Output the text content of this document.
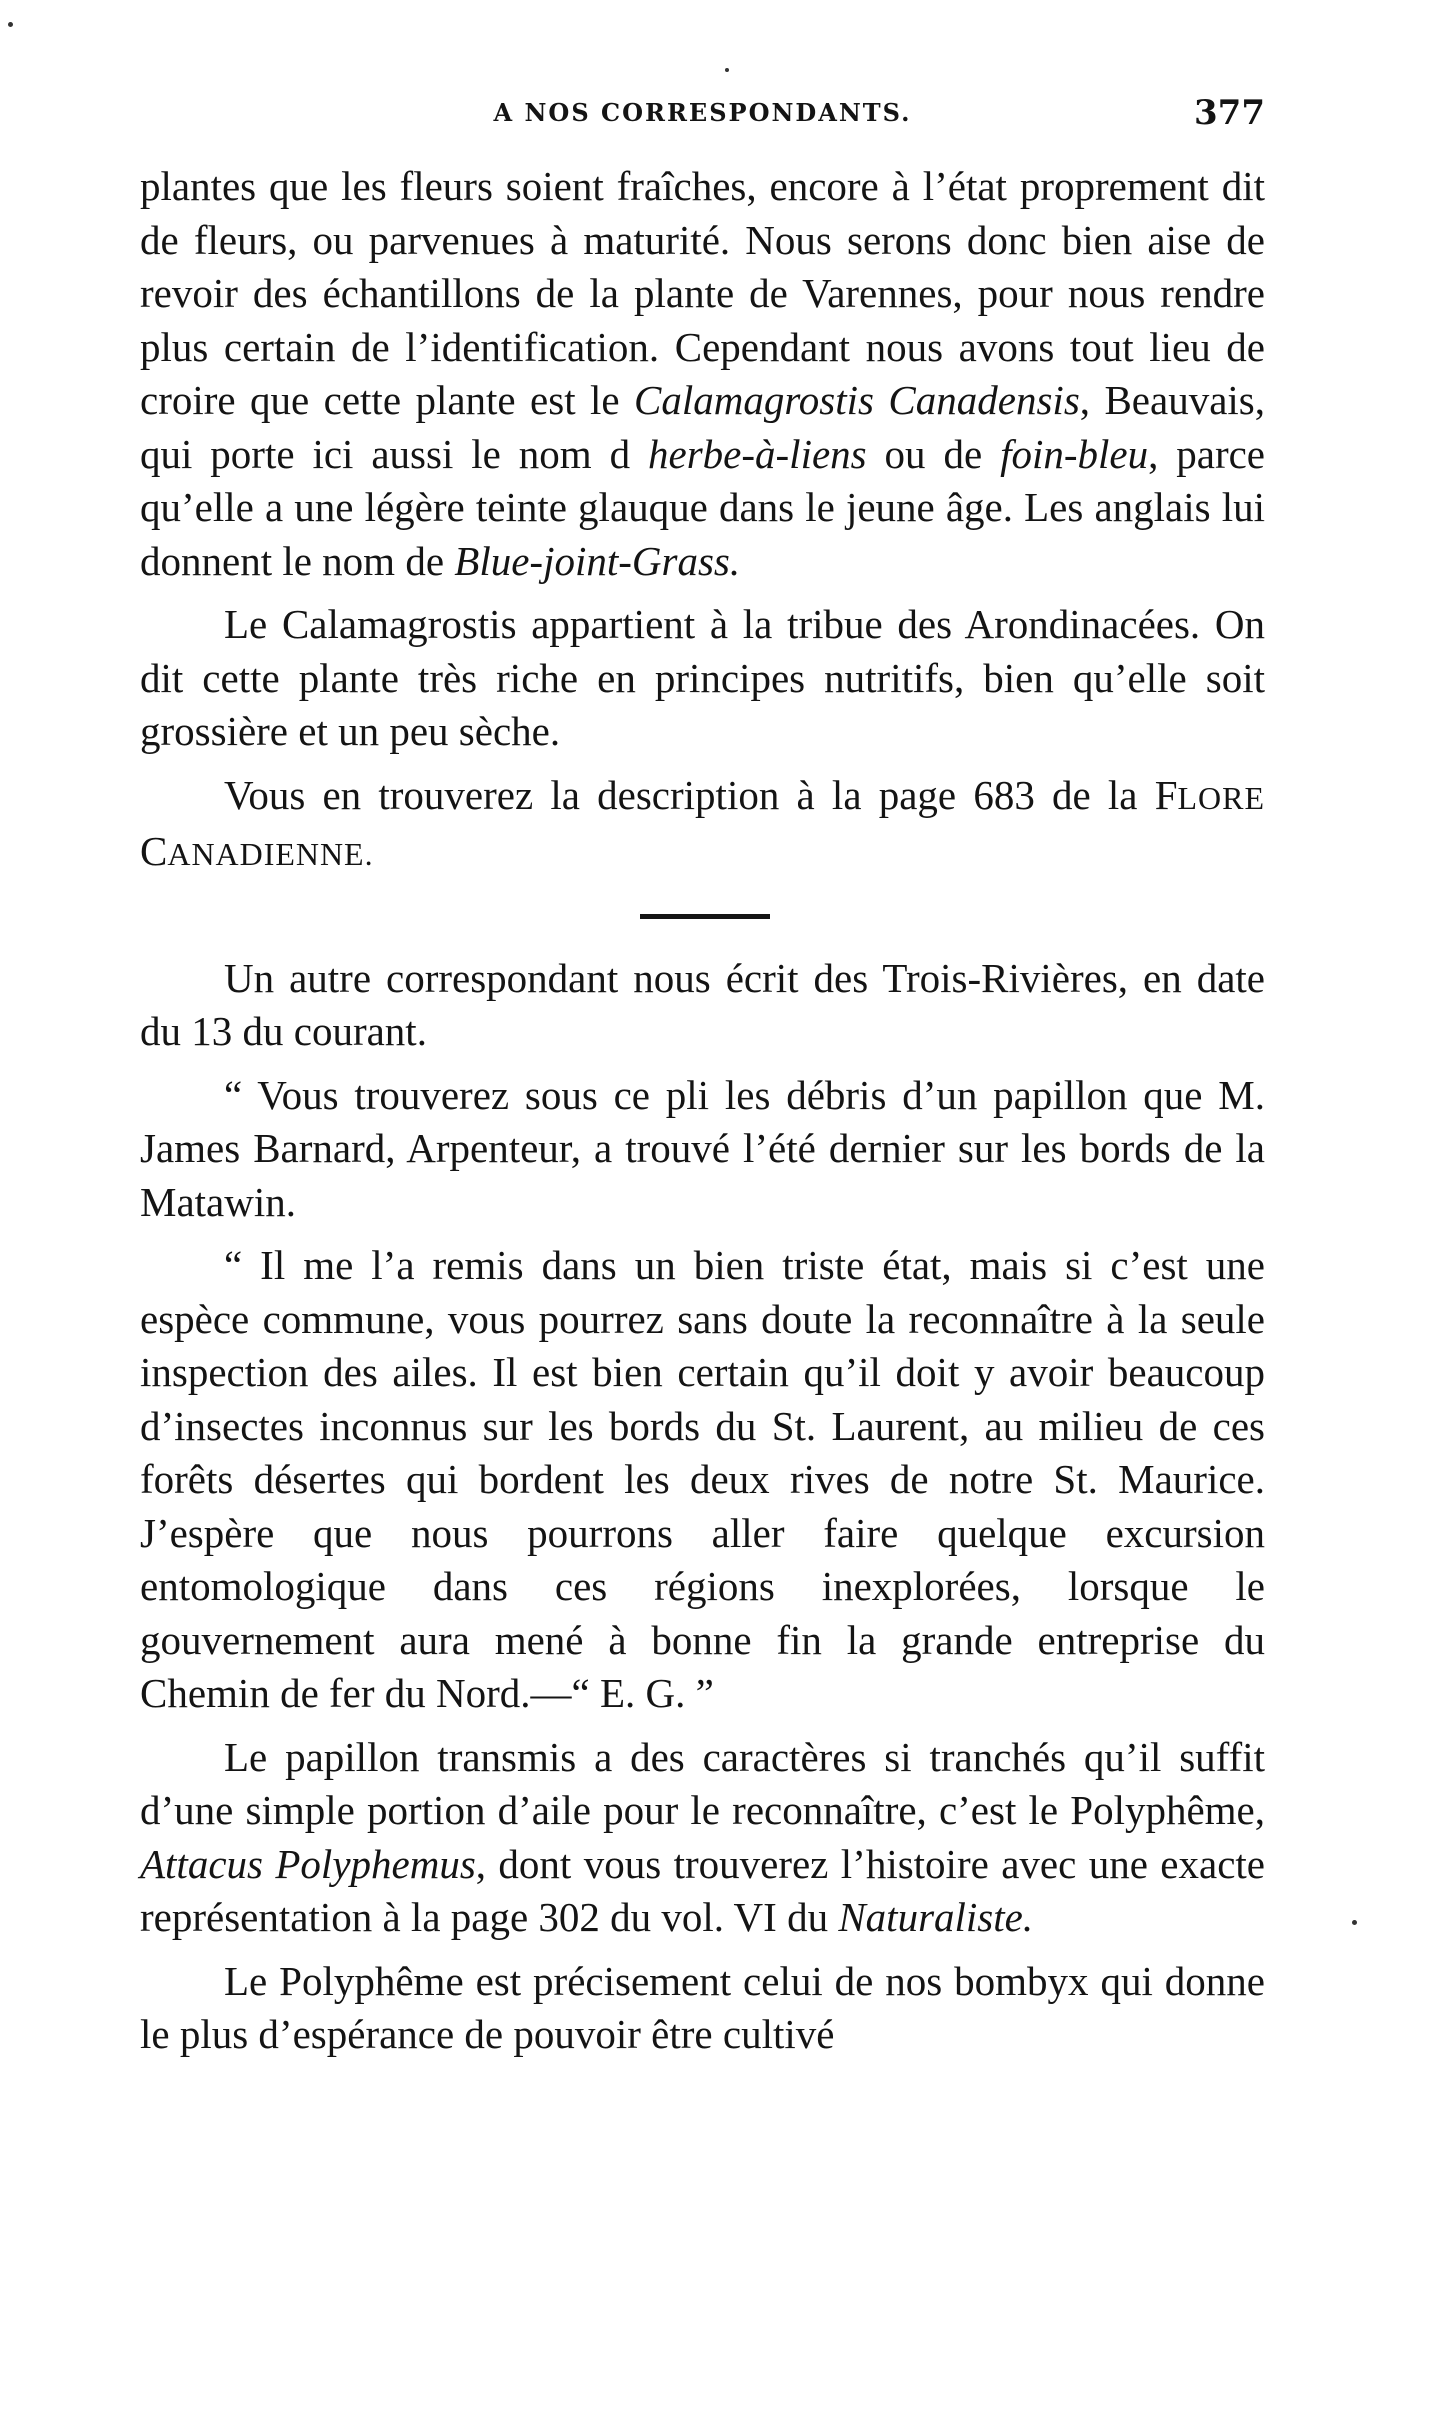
A NOS CORRESPONDANTS.	377

plantes que les fleurs soient fraîches, encore à l’état proprement dit de fleurs, ou parvenues à maturité. Nous serons donc bien aise de revoir des échantillons de la plante de Varennes, pour nous rendre plus certain de l’identification. Cependant nous avons tout lieu de croire que cette plante est le Calamagrostis Canadensis, Beauvais, qui porte ici aussi le nom d herbe-à-liens ou de foin-bleu, parce qu’elle a une légère teinte glauque dans le jeune âge. Les anglais lui donnent le nom de Blue-joint-Grass.

Le Calamagrostis appartient à la tribue des Arondinacées. On dit cette plante très riche en principes nutritifs, bien qu’elle soit grossière et un peu sèche.

Vous en trouverez la description à la page 683 de la FLORE CANADIENNE.

Un autre correspondant nous écrit des Trois-Rivières, en date du 13 du courant.

“ Vous trouverez sous ce pli les débris d’un papillon que M. James Barnard, Arpenteur, a trouvé l’été dernier sur les bords de la Matawin.

“ Il me l’a remis dans un bien triste état, mais si c’est une espèce commune, vous pourrez sans doute la reconnaître à la seule inspection des ailes. Il est bien certain qu’il doit y avoir beaucoup d’insectes inconnus sur les bords du St. Laurent, au milieu de ces forêts désertes qui bordent les deux rives de notre St. Maurice. J’espère que nous pourrons aller faire quelque excursion entomologique dans ces régions inexplorées, lorsque le gouvernement aura mené à bonne fin la grande entreprise du Chemin de fer du Nord.—“ E. G. ”

Le papillon transmis a des caractères si tranchés qu’il suffit d’une simple portion d’aile pour le reconnaître, c’est le Polyphême, Attacus Polyphemus, dont vous trouverez l’histoire avec une exacte représentation à la page 302 du vol. VI du Naturaliste.

Le Polyphême est précisement celui de nos bombyx qui donne le plus d’espérance de pouvoir être cultivé
